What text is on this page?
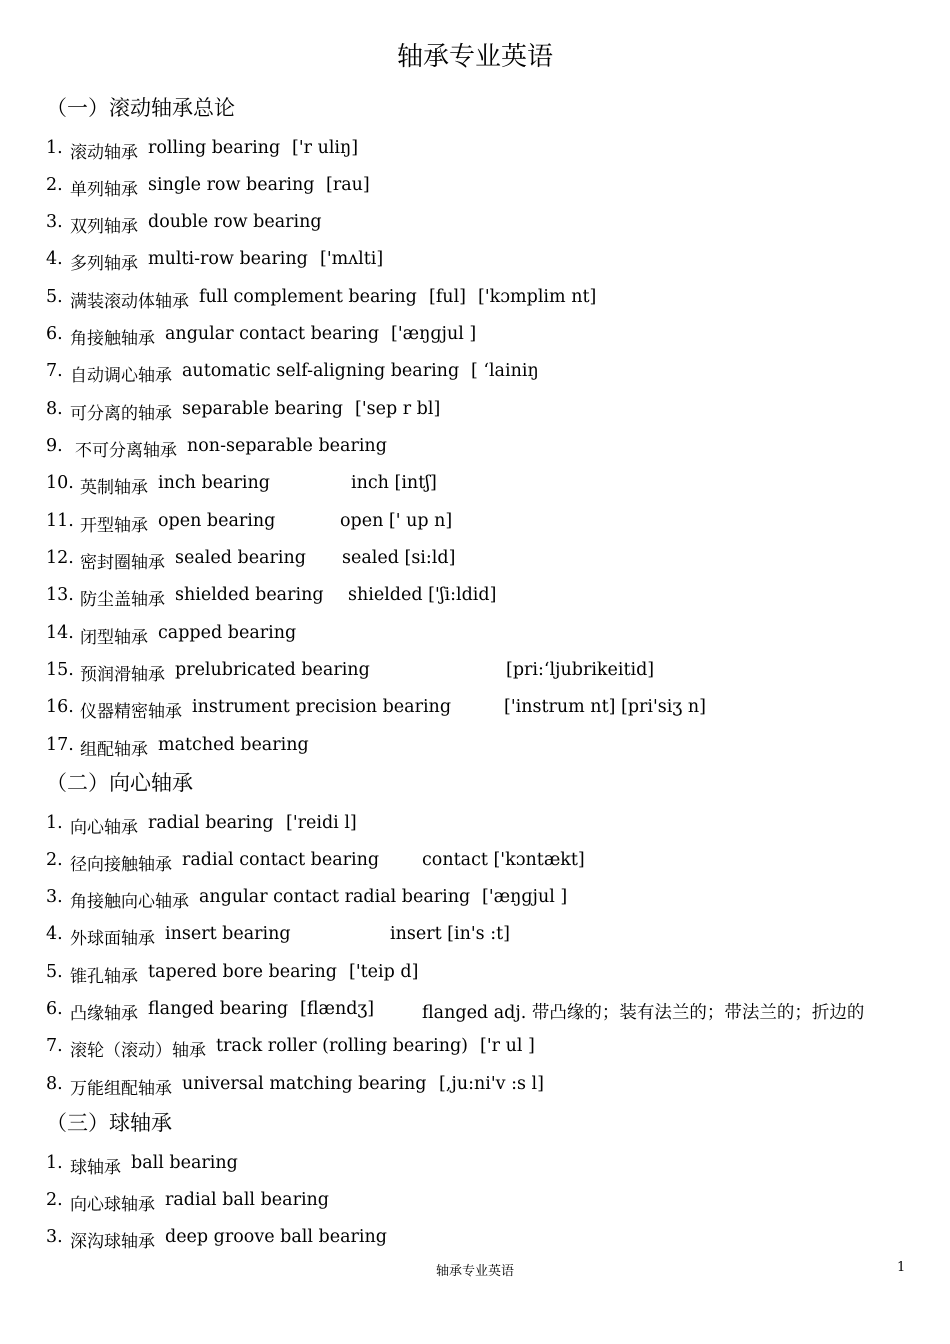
轴承专业英语
（一）滚动轴承总论
1. 滚动轴承 rolling bearing ['r uliŋ]
2. 单列轴承 single row bearing [rau]
3. 双列轴承 double row bearing
4. 多列轴承 multi-row bearing ['mʌlti]
5. 满装滚动体轴承 full complement bearing [ful] ['kɔmplim nt]
6. 角接触轴承 angular contact bearing ['æŋɡjul ]
7. 自动调心轴承 automatic self-aligning bearing [ ‘lainiŋ
8. 可分离的轴承 separable bearing ['sep r bl]
9. 不可分离轴承 non-separable bearing
10. 英制轴承 inch bearing	inch [intʃ]
11. 开型轴承 open bearing	open [' up n]
12. 密封圈轴承 sealed bearing sealed [si:ld]
13. 防尘盖轴承 shielded bearing shielded ['ʃi:ldid]
14. 闭型轴承 capped bearing
15. 预润滑轴承 prelubricated bearing	[pri:‘ljubrikeitid]
16. 仪器精密轴承 instrument precision bearing	['instrum nt] [pri'siʒ n]
17. 组配轴承 matched bearing
（二）向心轴承
1. 向心轴承 radial bearing ['reidi l]
2. 径向接触轴承 radial contact bearing contact ['kɔntækt]
3. 角接触向心轴承 angular contact radial bearing ['æŋɡjul ]
4. 外球面轴承 insert bearing	insert [in's :t]
5. 锥孔轴承 tapered bore bearing ['teip d]
6. 凸缘轴承 flanged bearing [flændʒ]	flanged adj. 带凸缘的；装有法兰的；带法兰的；折边的
7. 滚轮（滚动）轴承 track roller (rolling bearing) ['r ul ]
8. 万能组配轴承 universal matching bearing [,ju:ni'v :s l]
（三）球轴承
1. 球轴承 ball bearing
2. 向心球轴承 radial ball bearing
3. 深沟球轴承 deep groove ball bearing
轴承专业英语	1
